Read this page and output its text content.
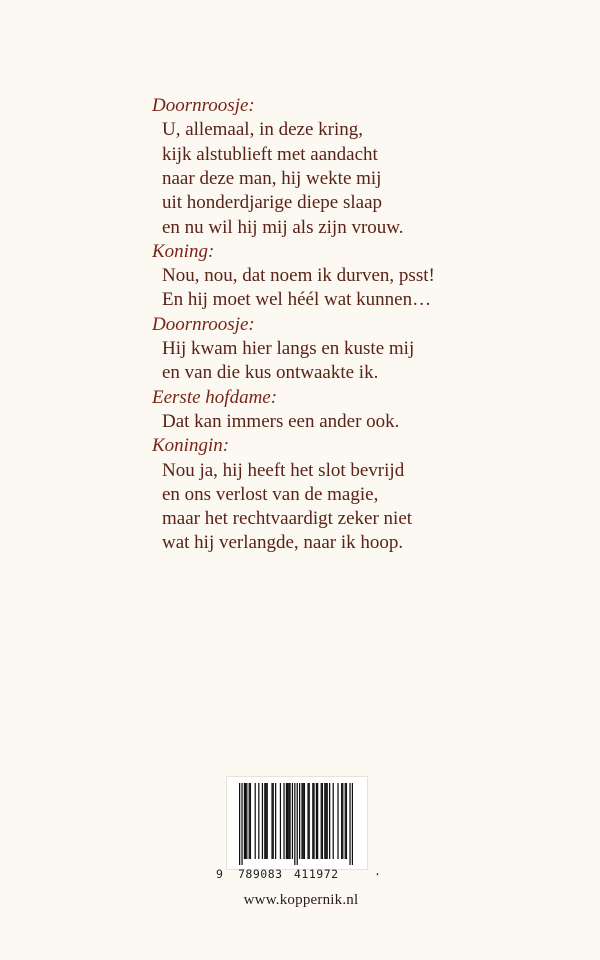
Doornroosje:
U, allemaal, in deze kring,
kijk alstublieft met aandacht
naar deze man, hij wekte mij
uit honderdjarige diepe slaap
en nu wil hij mij als zijn vrouw.
Koning:
Nou, nou, dat noem ik durven, psst!
En hij moet wel héél wat kunnen…
Doornroosje:
Hij kwam hier langs en kuste mij
en van die kus ontwaakte ik.
Eerste hofdame:
Dat kan immers een ander ook.
Koningin:
Nou ja, hij heeft het slot bevrijd
en ons verlost van de magie,
maar het rechtvaardigt zeker niet
wat hij verlangde, naar ik hoop.
9 789083 411972	·
www.koppernik.nl
